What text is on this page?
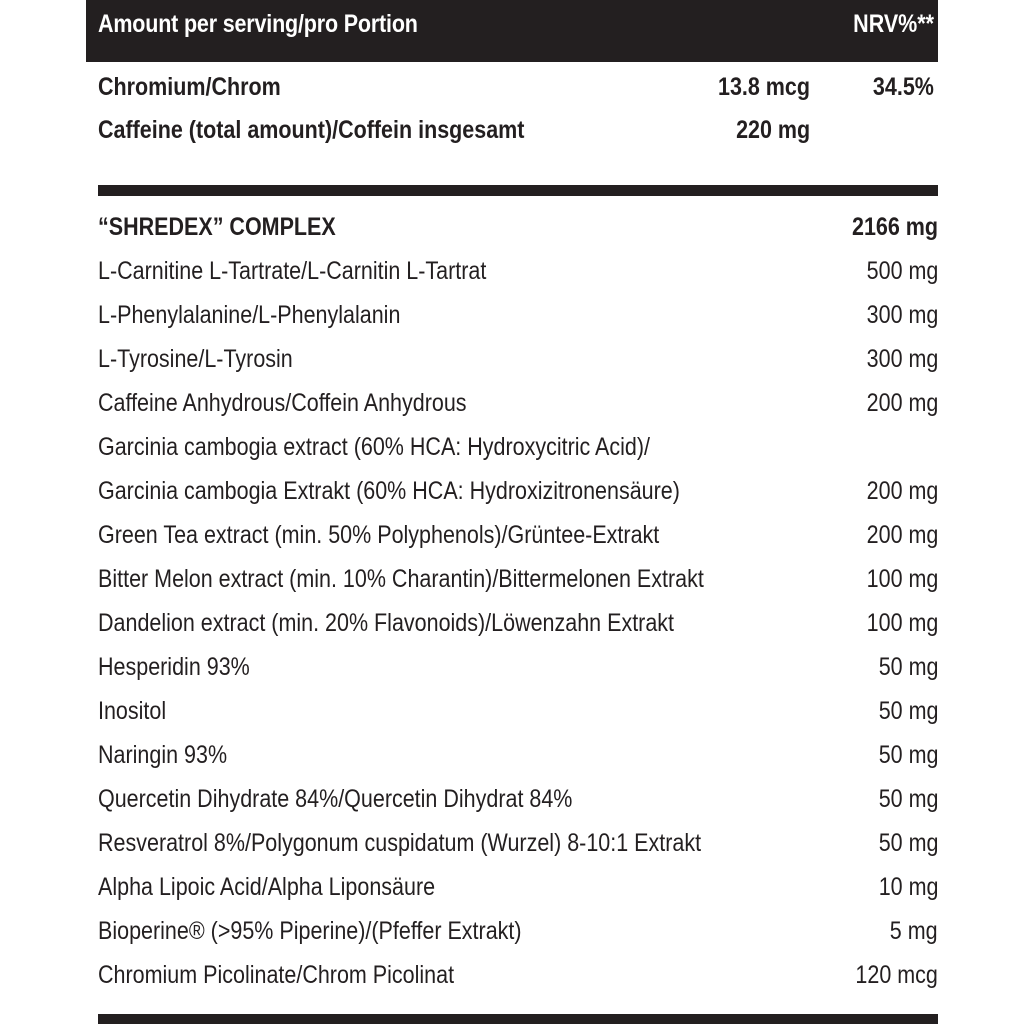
Amount per serving/pro Portion	NRV%**
Chromium/Chrom	13.8 mcg	34.5%
Caffeine (total amount)/Coffein insgesamt	220 mg
“SHREDEX” COMPLEX	2166 mg
L-Carnitine L-Tartrate/L-Carnitin L-Tartrat	500 mg
L-Phenylalanine/L-Phenylalanin	300 mg
L-Tyrosine/L-Tyrosin	300 mg
Caffeine Anhydrous/Coffein Anhydrous	200 mg
Garcinia cambogia extract (60% HCA: Hydroxycitric Acid)/
Garcinia cambogia Extrakt (60% HCA: Hydroxizitronensäure)	200 mg
Green Tea extract (min. 50% Polyphenols)/Grüntee-Extrakt	200 mg
Bitter Melon extract (min. 10% Charantin)/Bittermelonen Extrakt	100 mg
Dandelion extract (min. 20% Flavonoids)/Löwenzahn Extrakt	100 mg
Hesperidin 93%	50 mg
Inositol	50 mg
Naringin 93%	50 mg
Quercetin Dihydrate 84%/Quercetin Dihydrat 84%	50 mg
Resveratrol 8%/Polygonum cuspidatum (Wurzel) 8-10:1 Extrakt	50 mg
Alpha Lipoic Acid/Alpha Liponsäure	10 mg
Bioperine® (>95% Piperine)/(Pfeffer Extrakt)	5 mg
Chromium Picolinate/Chrom Picolinat	120 mcg
